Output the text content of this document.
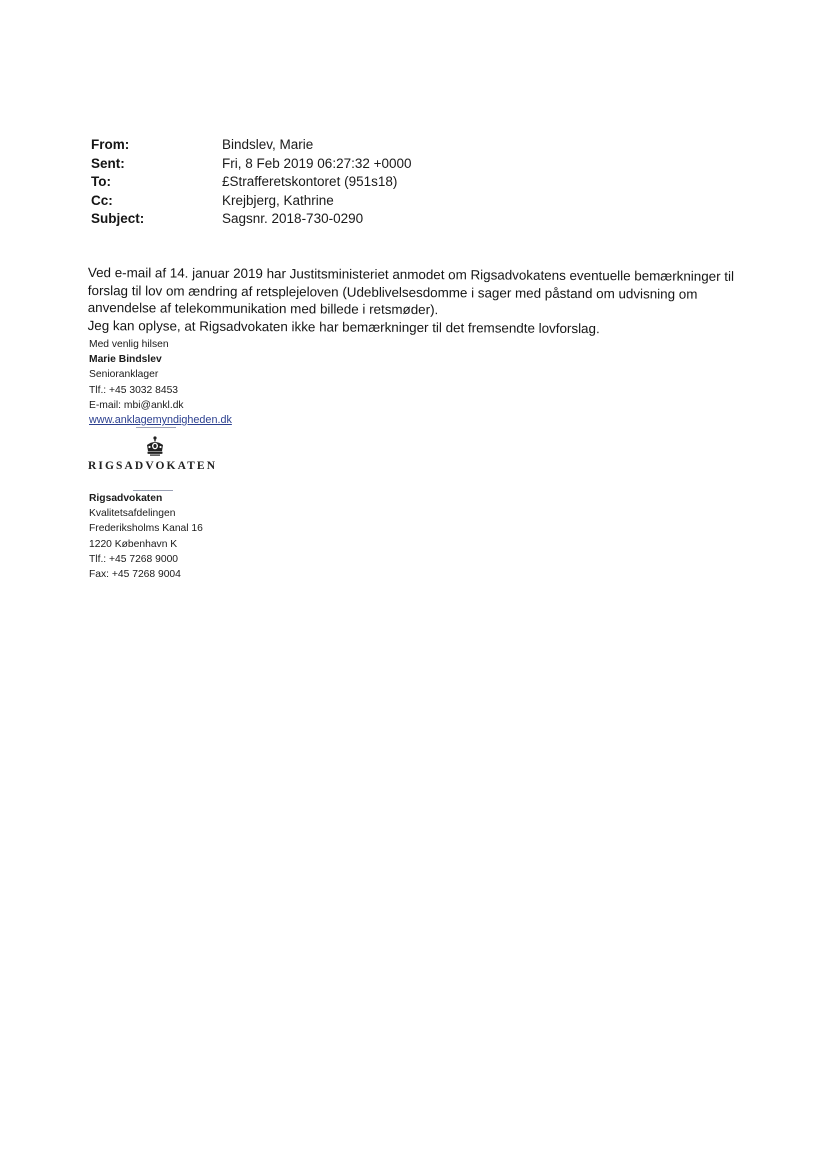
From:	Bindslev, Marie
Sent:	Fri, 8 Feb 2019 06:27:32 +0000
To:	£Strafferetskontoret (951s18)
Cc:	Krejbjerg, Kathrine
Subject:	Sagsnr. 2018-730-0290

Ved e-mail af 14. januar 2019 har Justitsministeriet anmodet om Rigsadvokatens eventuelle bemærkninger til forslag til lov om ændring af retsplejeloven (Udeblivelsesdomme i sager med påstand om udvisning om anvendelse af telekommunikation med billede i retsmøder).

Jeg kan oplyse, at Rigsadvokaten ikke har bemærkninger til det fremsendte lovforslag.

Med venlig hilsen
Marie Bindslev
Senioranklager
Tlf.: +45 3032 8453
E-mail: mbi@ankl.dk
www.anklagemyndigheden.dk
RIGSADVOKATEN
Rigsadvokaten
Kvalitetsafdelingen
Frederiksholms Kanal 16
1220 København K
Tlf.: +45 7268 9000
Fax: +45 7268 9004
